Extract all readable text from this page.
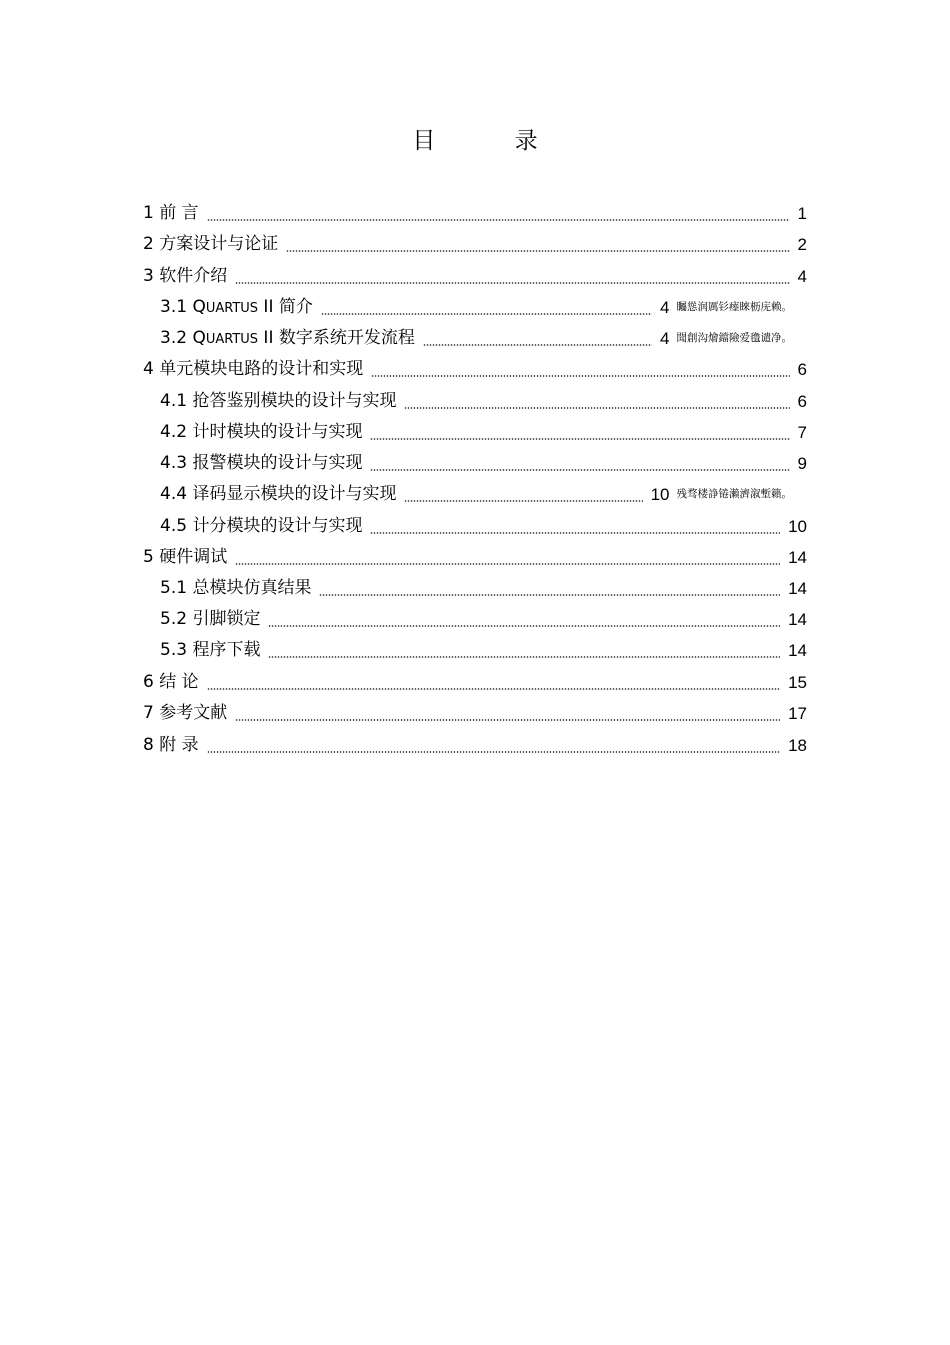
目 录
1 前 言	1
2 方案设计与论证	2
3 软件介绍	4
3.1 QUARTUS II 简介	4 矚慫润厲钐瘗睞枥庑赖。
3.2 QUARTUS II 数字系统开发流程	4 聞創沟燴鐺險爱氇谴净。
4 单元模块电路的设计和实现	6
4.1 抢答鉴别模块的设计与实现	6
4.2 计时模块的设计与实现	7
4.3 报警模块的设计与实现	9
4.4 译码显示模块的设计与实现	10 残骛楼諍锩瀨濟溆塹籟。
4.5 计分模块的设计与实现	10
5 硬件调试	14
5.1 总模块仿真结果	14
5.2 引脚锁定	14
5.3 程序下载	14
6 结 论	15
7 参考文献	17
8 附 录	18
